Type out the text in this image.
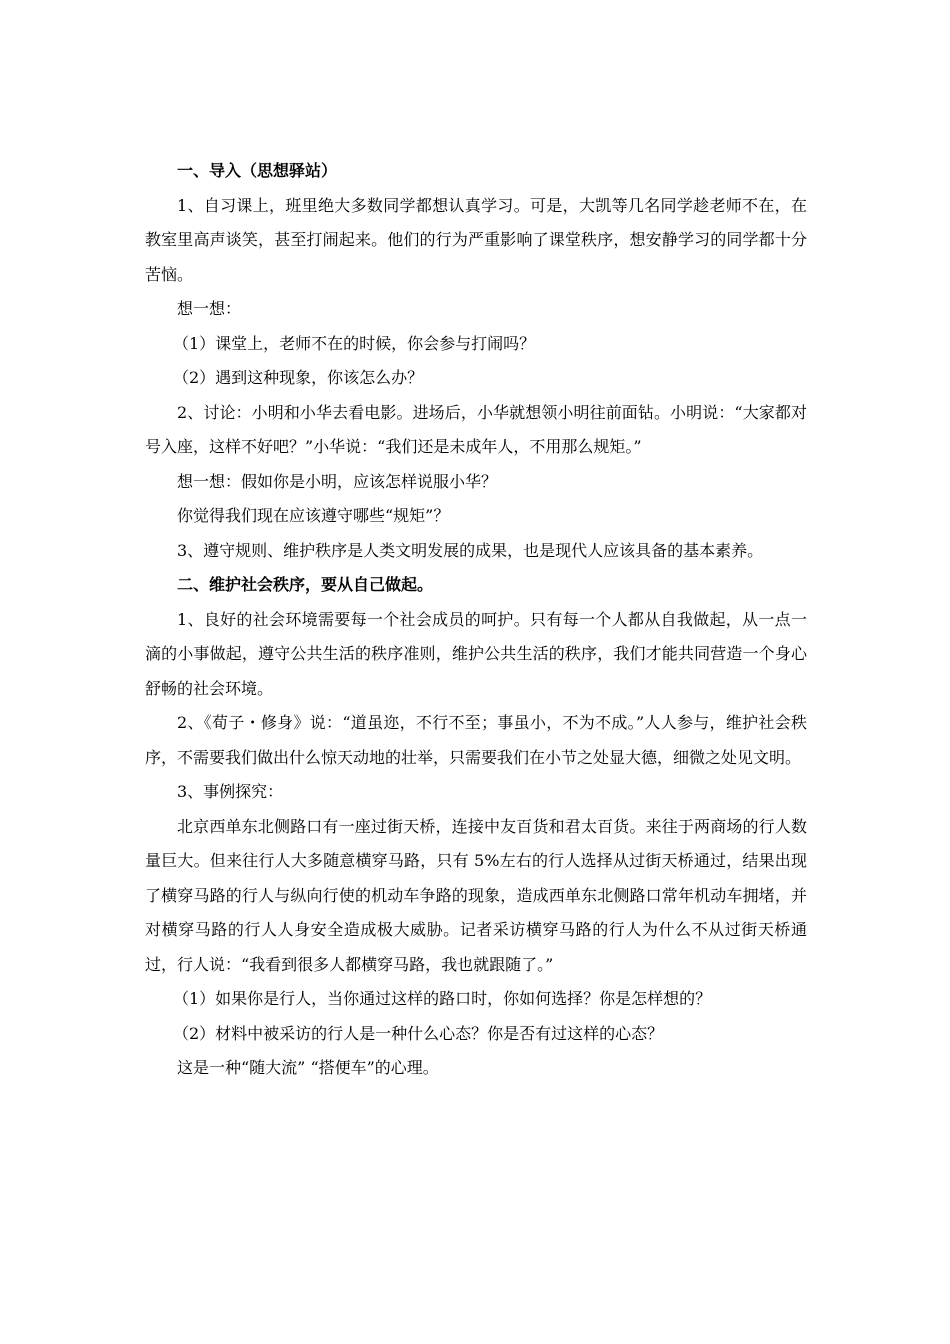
一、导入（思想驿站）

1、自习课上，班里绝大多数同学都想认真学习。可是，大凯等几名同学趁老师不在，在教室里高声谈笑，甚至打闹起来。他们的行为严重影响了课堂秩序，想安静学习的同学都十分苦恼。

想一想：

（1）课堂上，老师不在的时候，你会参与打闹吗？

（2）遇到这种现象，你该怎么办？

2、讨论：小明和小华去看电影。进场后，小华就想领小明往前面钻。小明说：“大家都对号入座，这样不好吧？”小华说：“我们还是未成年人，不用那么规矩。”

想一想：假如你是小明，应该怎样说服小华？

你觉得我们现在应该遵守哪些“规矩”？

3、遵守规则、维护秩序是人类文明发展的成果，也是现代人应该具备的基本素养。

二、维护社会秩序，要从自己做起。

1、良好的社会环境需要每一个社会成员的呵护。只有每一个人都从自我做起，从一点一滴的小事做起，遵守公共生活的秩序准则，维护公共生活的秩序，我们才能共同营造一个身心舒畅的社会环境。

2、《荀子・修身》说：“道虽迩，不行不至；事虽小，不为不成。”人人参与，维护社会秩序，不需要我们做出什么惊天动地的壮举，只需要我们在小节之处显大德，细微之处见文明。

3、事例探究：

北京西单东北侧路口有一座过街天桥，连接中友百货和君太百货。来往于两商场的行人数量巨大。但来往行人大多随意横穿马路，只有 5%左右的行人选择从过街天桥通过，结果出现了横穿马路的行人与纵向行使的机动车争路的现象，造成西单东北侧路口常年机动车拥堵，并对横穿马路的行人人身安全造成极大威胁。记者采访横穿马路的行人为什么不从过街天桥通过，行人说：“我看到很多人都横穿马路，我也就跟随了。”

（1）如果你是行人，当你通过这样的路口时，你如何选择？你是怎样想的？

（2）材料中被采访的行人是一种什么心态？你是否有过这样的心态？

这是一种“随大流” “搭便车”的心理。
